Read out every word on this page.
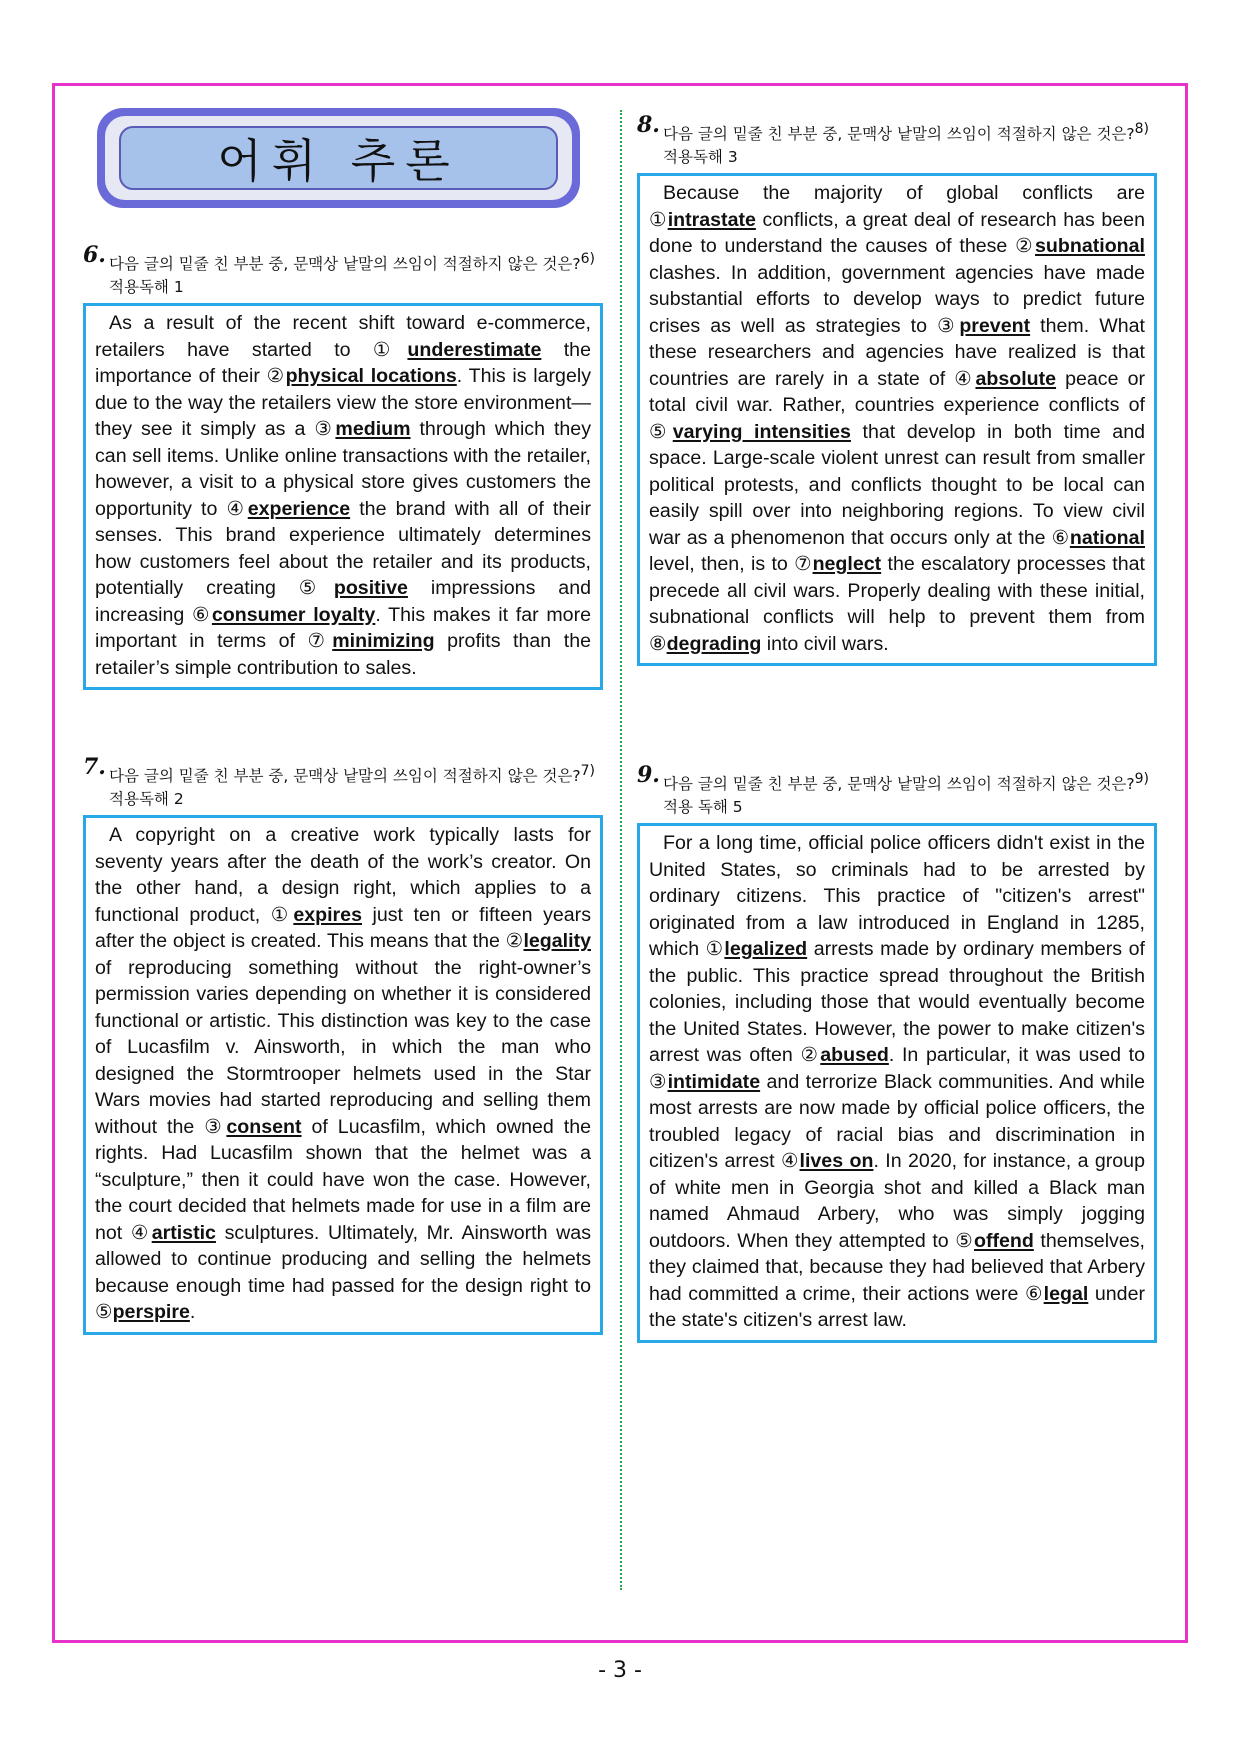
어휘 추론
6. 다음 글의 밑줄 친 부분 중, 문맥상 낱말의 쓰임이 적절하지 않은 것은?$^{6)}$적용독해 1
As a result of the recent shift toward e-commerce, retailers have started to ①underestimate the importance of their ②physical locations. This is largely due to the way the retailers view the store environment—they see it simply as a ③medium through which they can sell items. Unlike online transactions with the retailer, however, a visit to a physical store gives customers the opportunity to ④experience the brand with all of their senses. This brand experience ultimately determines how customers feel about the retailer and its products, potentially creating ⑤positive impressions and increasing ⑥consumer loyalty. This makes it far more important in terms of ⑦minimizing profits than the retailer’s simple contribution to sales.
7. 다음 글의 밑줄 친 부분 중, 문맥상 낱말의 쓰임이 적절하지 않은 것은?$^{7)}$적용독해 2
A copyright on a creative work typically lasts for seventy years after the death of the work’s creator. On the other hand, a design right, which applies to a functional product, ①expires just ten or fifteen years after the object is created. This means that the ②legality of reproducing something without the right-owner’s permission varies depending on whether it is considered functional or artistic. This distinction was key to the case of Lucasfilm v. Ainsworth, in which the man who designed the Stormtrooper helmets used in the Star Wars movies had started reproducing and selling them without the ③consent of Lucasfilm, which owned the rights. Had Lucasfilm shown that the helmet was a “sculpture,” then it could have won the case. However, the court decided that helmets made for use in a film are not ④artistic sculptures. Ultimately, Mr. Ainsworth was allowed to continue producing and selling the helmets because enough time had passed for the design right to ⑤perspire.
8. 다음 글의 밑줄 친 부분 중, 문맥상 낱말의 쓰임이 적절하지 않은 것은?$^{8)}$적용독해 3
Because the majority of global conflicts are ①intrastate conflicts, a great deal of research has been done to understand the causes of these ②subnational clashes. In addition, government agencies have made substantial efforts to develop ways to predict future crises as well as strategies to ③prevent them. What these researchers and agencies have realized is that countries are rarely in a state of ④absolute peace or total civil war. Rather, countries experience conflicts of ⑤varying intensities that develop in both time and space. Large-scale violent unrest can result from smaller political protests, and conflicts thought to be local can easily spill over into neighboring regions. To view civil war as a phenomenon that occurs only at the ⑥national level, then, is to ⑦neglect the escalatory processes that precede all civil wars. Properly dealing with these initial, subnational conflicts will help to prevent them from ⑧degrading into civil wars.
9. 다음 글의 밑줄 친 부분 중, 문맥상 낱말의 쓰임이 적절하지 않은 것은?$^{9)}$적용 독해 5
For a long time, official police officers didn't exist in the United States, so criminals had to be arrested by ordinary citizens. This practice of "citizen's arrest" originated from a law introduced in England in 1285, which ①legalized arrests made by ordinary members of the public. This practice spread throughout the British colonies, including those that would eventually become the United States. However, the power to make citizen's arrest was often ②abused. In particular, it was used to ③intimidate and terrorize Black communities. And while most arrests are now made by official police officers, the troubled legacy of racial bias and discrimination in citizen's arrest ④lives on. In 2020, for instance, a group of white men in Georgia shot and killed a Black man named Ahmaud Arbery, who was simply jogging outdoors. When they attempted to ⑤offend themselves, they claimed that, because they had believed that Arbery had committed a crime, their actions were ⑥legal under the state's citizen's arrest law.
- 3 -
